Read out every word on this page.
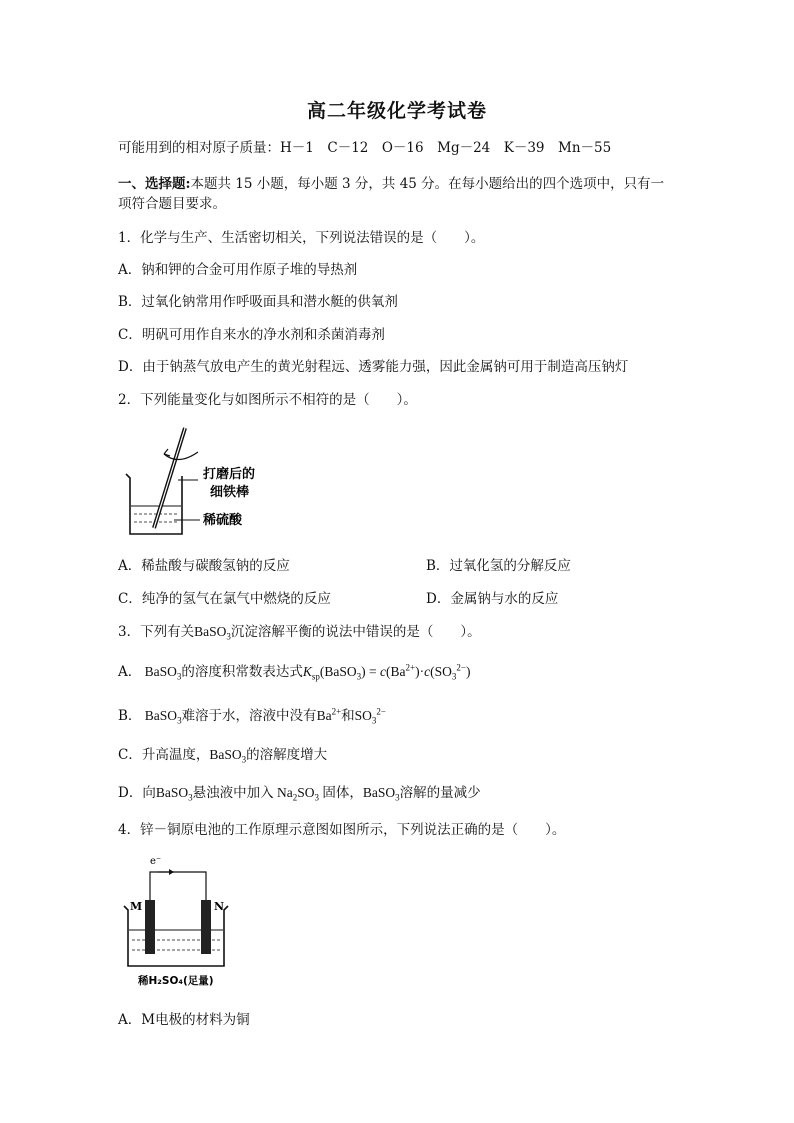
高二年级化学考试卷
可能用到的相对原子质量：H－1　C－12　O－16　Mg－24　K－39　Mn－55
一、选择题:本题共 15 小题，每小题 3 分，共 45 分。在每小题给出的四个选项中，只有一
项符合题目要求。
1．化学与生产、生活密切相关，下列说法错误的是（　　）。
A．钠和钾的合金可用作原子堆的导热剂
B．过氧化钠常用作呼吸面具和潜水艇的供氧剂
C．明矾可用作自来水的净水剂和杀菌消毒剂
D．由于钠蒸气放电产生的黄光射程远、透雾能力强，因此金属钠可用于制造高压钠灯
2．下列能量变化与如图所示不相符的是（　　）。
打磨后的
细铁棒
稀硫酸
A．稀盐酸与碳酸氢钠的反应	B．过氧化氢的分解反应
C．纯净的氢气在氯气中燃烧的反应	D．金属钠与水的反应
3．下列有关BaSO$_3$沉淀溶解平衡的说法中错误的是（　　）。
A． BaSO$_3$的溶度积常数表达式$K_{sp}(BaSO_3) = c(Ba^{2+})\cdot c(SO_3^{2-})$
B． BaSO$_3$难溶于水，溶液中没有$Ba^{2+}$和$SO_3^{2-}$
C．升高温度，BaSO$_3$的溶解度增大
D．向BaSO$_3$悬浊液中加入 $Na_2SO_3$ 固体，BaSO$_3$溶解的量减少
4．锌－铜原电池的工作原理示意图如图所示，下列说法正确的是（　　）。
e⁻
M	N
稀H₂SO₄(足量)
A．M电极的材料为铜
